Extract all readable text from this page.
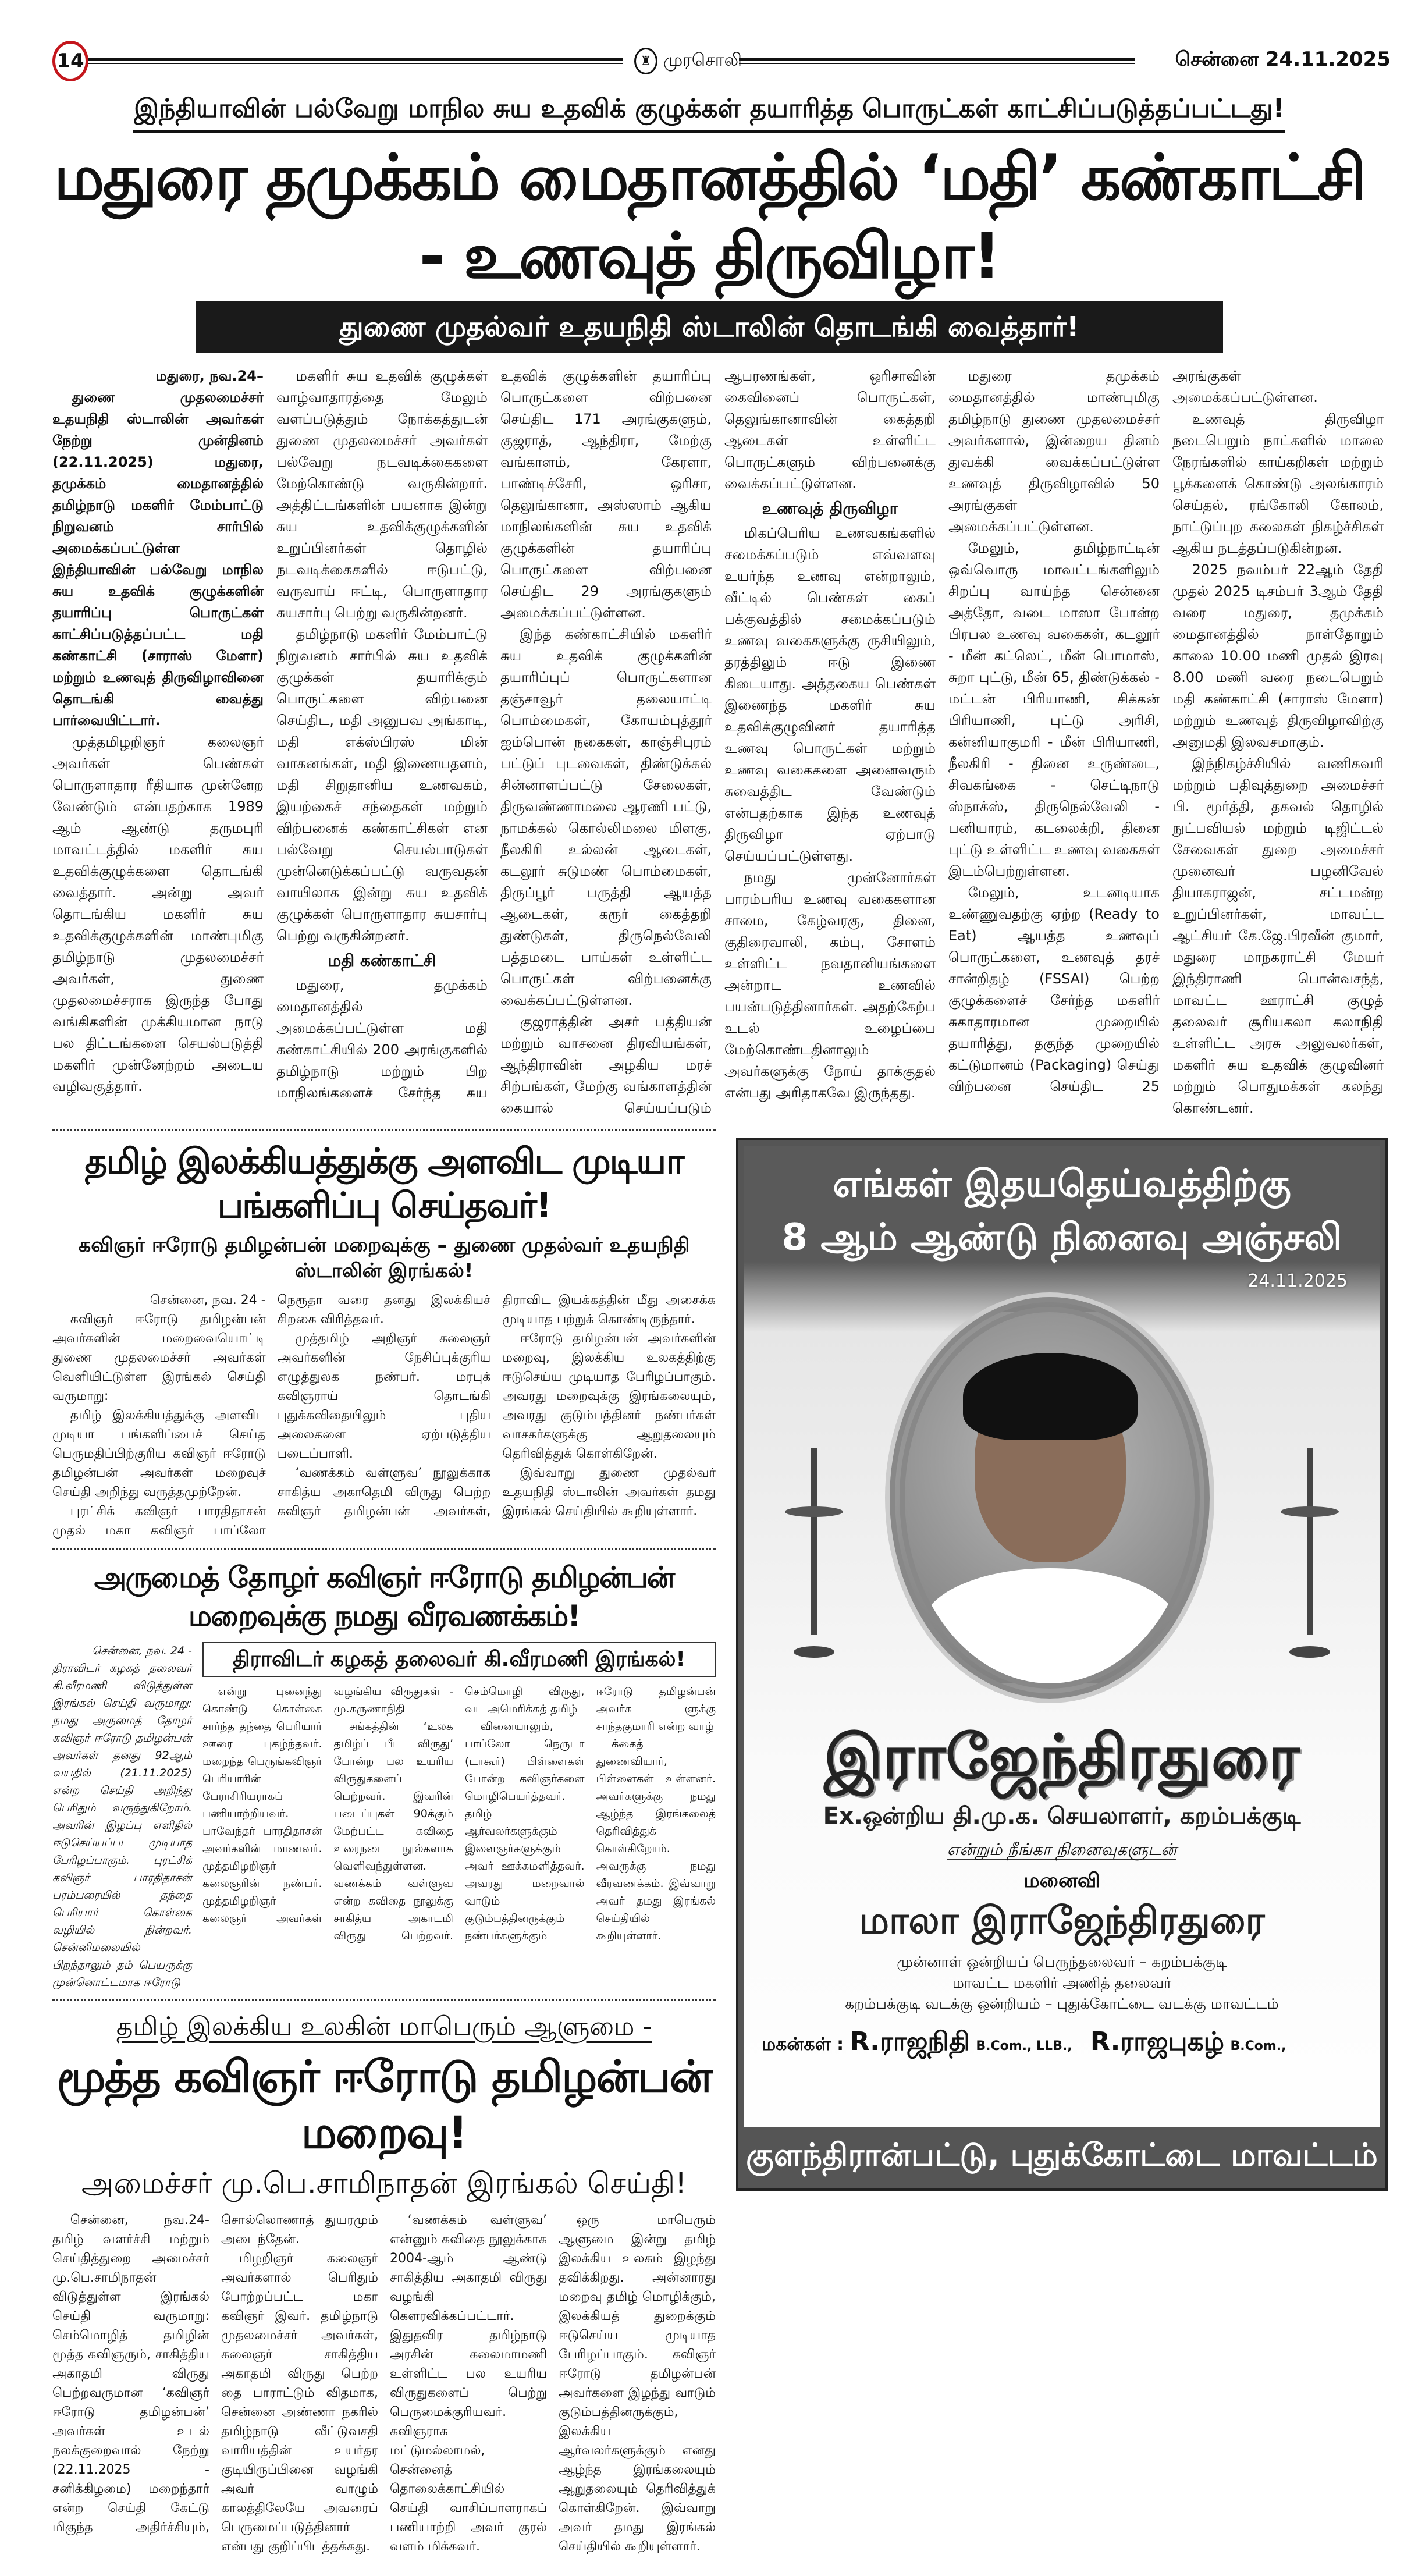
14	♜ முரசொலி	சென்னை 24.11.2025
இந்தியாவின் பல்வேறு மாநில சுய உதவிக் குழுக்கள் தயாரித்த பொருட்கள் காட்சிப்படுத்தப்பட்டது!
மதுரை தமுக்கம் மைதானத்தில் ‘மதி’ கண்காட்சி - உணவுத் திருவிழா!
துணை முதல்வர் உதயநிதி ஸ்டாலின் தொடங்கி வைத்தார்!

மதுரை, நவ.24–

துணை முதலமைச்சர் உதயநிதி ஸ்டாலின் அவர்கள் நேற்று முன்தினம் (22.11.2025) மதுரை, தமுக்கம் மைதானத்தில் தமிழ்நாடு மகளிர் மேம்பாட்டு நிறுவனம் சார்பில் அமைக்கப்பட்டுள்ள இந்தியாவின் பல்வேறு மாநில சுய உதவிக் குழுக்களின் தயாரிப்பு பொருட்கள் காட்சிப்படுத்தப்பட்ட மதி கண்காட்சி (சாராஸ் மேளா) மற்றும் உணவுத் திருவிழாவினை தொடங்கி வைத்து பார்வையிட்டார்.

முத்தமிழறிஞர் கலைஞர் அவர்கள் பெண்கள் பொருளாதார ரீதியாக முன்னேற வேண்டும் என்பதற்காக 1989 ஆம் ஆண்டு தருமபுரி மாவட்டத்தில் மகளிர் சுய உதவிக்குழுக்களை தொடங்கி வைத்தார். அன்று அவர் தொடங்கிய மகளிர் சுய உதவிக்குழுக்களின் மாண்புமிகு தமிழ்நாடு முதலமைச்சர் அவர்கள், துணை முதலமைச்சராக இருந்த போது வங்கிகளின் முக்கியமான நாடு பல திட்டங்களை செயல்படுத்தி மகளிர் முன்னேற்றம் அடைய வழிவகுத்தார்.

மகளிர் சுய உதவிக் குழுக்கள் வாழ்வாதாரத்தை மேலும் வளப்படுத்தும் நோக்கத்துடன் துணை முதலமைச்சர் அவர்கள் பல்வேறு நடவடிக்கைகளை மேற்கொண்டு வருகின்றார். அத்திட்டங்களின் பயனாக இன்று சுய உதவிக்குழுக்களின் உறுப்பினர்கள் தொழில் நடவடிக்கைகளில் ஈடுபட்டு, வருவாய் ஈட்டி, பொருளாதார சுயசார்பு பெற்று வருகின்றனர்.

தமிழ்நாடு மகளிர் மேம்பாட்டு நிறுவனம் சார்பில் சுய உதவிக் குழுக்கள் தயாரிக்கும் பொருட்களை விற்பனை செய்திட, மதி அனுபவ அங்காடி, மதி எக்ஸ்பிரஸ் மின் வாகனங்கள், மதி இணையதளம், மதி சிறுதானிய உணவகம், இயற்கைச் சந்தைகள் மற்றும் விற்பனைக் கண்காட்சிகள் என பல்வேறு செயல்பாடுகள் முன்னெடுக்கப்பட்டு வருவதன் வாயிலாக இன்று சுய உதவிக் குழுக்கள் பொருளாதார சுயசார்பு பெற்று வருகின்றனர்.

மதி கண்காட்சி

மதுரை, தமுக்கம் மைதானத்தில் அமைக்கப்பட்டுள்ள மதி கண்காட்சியில் 200 அரங்குகளில் தமிழ்நாடு மற்றும் பிற மாநிலங்களைச் சேர்ந்த சுய உதவிக் குழுக்களின் தயாரிப்பு பொருட்களை விற்பனை செய்திட 171 அரங்குகளும், குஜராத், ஆந்திரா, மேற்கு வங்காளம், கேரளா, பாண்டிச்சேரி, ஒரிசா, தெலுங்கானா, அஸ்ஸாம் ஆகிய மாநிலங்களின் சுய உதவிக் குழுக்களின் தயாரிப்பு பொருட்களை விற்பனை செய்திட 29 அரங்குகளும் அமைக்கப்பட்டுள்ளன.

இந்த கண்காட்சியில் மகளிர் சுய உதவிக் குழுக்களின் தயாரிப்புப் பொருட்களான தஞ்சாவூர் தலையாட்டி பொம்மைகள், கோயம்புத்தூர் ஐம்பொன் நகைகள், காஞ்சிபுரம் பட்டுப் புடவைகள், திண்டுக்கல் சின்னாளப்பட்டு சேலைகள், திருவண்ணாமலை ஆரணி பட்டு, நாமக்கல் கொல்லிமலை மிளகு, நீலகிரி உல்லன் ஆடைகள், கடலூர் சுடுமண் பொம்மைகள், திருப்பூர் பருத்தி ஆயத்த ஆடைகள், கரூர் கைத்தறி துண்டுகள், திருநெல்வேலி பத்தமடை பாய்கள் உள்ளிட்ட பொருட்கள் விற்பனைக்கு வைக்கப்பட்டுள்ளன.

குஜராத்தின் அசர் பத்தியன் மற்றும் வாசனை திரவியங்கள், ஆந்திராவின் அழகிய மரச் சிற்பங்கள், மேற்கு வங்காளத்தின் கையால் செய்யப்படும் ஆபரணங்கள், ஒரிசாவின் கைவினைப் பொருட்கள், தெலுங்கானாவின் கைத்தறி ஆடைகள் உள்ளிட்ட பொருட்களும் விற்பனைக்கு வைக்கப்பட்டுள்ளன.

உணவுத் திருவிழா

மிகப்பெரிய உணவகங்களில் சமைக்கப்படும் எவ்வளவு உயர்ந்த உணவு என்றாலும், வீட்டில் பெண்கள் கைப் பக்குவத்தில் சமைக்கப்படும் உணவு வகைகளுக்கு ருசியிலும், தரத்திலும் ஈடு இணை கிடையாது. அத்தகைய பெண்கள் இணைந்த மகளிர் சுய உதவிக்குழுவினர் தயாரித்த உணவு பொருட்கள் மற்றும் உணவு வகைகளை அனைவரும் சுவைத்திட வேண்டும் என்பதற்காக இந்த உணவுத் திருவிழா ஏற்பாடு செய்யப்பட்டுள்ளது.

நமது முன்னோர்கள் பாரம்பரிய உணவு வகைகளான சாமை, கேழ்வரகு, தினை, குதிரைவாலி, கம்பு, சோளம் உள்ளிட்ட நவதானியங்களை அன்றாட உணவில் பயன்படுத்தினார்கள். அதற்கேற்ப உடல் உழைப்பை மேற்கொண்டதினாலும் அவர்களுக்கு நோய் தாக்குதல் என்பது அரிதாகவே இருந்தது.

மதுரை தமுக்கம் மைதானத்தில் மாண்புமிகு தமிழ்நாடு துணை முதலமைச்சர் அவர்களால், இன்றைய தினம் துவக்கி வைக்கப்பட்டுள்ள உணவுத் திருவிழாவில் 50 அரங்குகள் அமைக்கப்பட்டுள்ளன.

மேலும், தமிழ்நாட்டின் ஒவ்வொரு மாவட்டங்களிலும் சிறப்பு வாய்ந்த சென்னை அத்தோ, வடை மாஸா போன்ற பிரபல உணவு வகைகள், கடலூர் - மீன் கட்லெட், மீன் பொமாஸ், சுறா புட்டு, மீன் 65, திண்டுக்கல் - மட்டன் பிரியாணி, சிக்கன் பிரியாணி, புட்டு அரிசி, கன்னியாகுமரி - மீன் பிரியாணி, நீலகிரி - தினை உருண்டை, சிவகங்கை - செட்டிநாடு ஸ்நாக்ஸ், திருநெல்வேலி - பனியாரம், கடலைக்றி, தினை புட்டு உள்ளிட்ட உணவு வகைகள் இடம்பெற்றுள்ளன.

மேலும், உடனடியாக உண்ணுவதற்கு ஏற்ற (Ready to Eat) ஆயத்த உணவுப் பொருட்களை, உணவுத் தரச் சான்றிதழ் (FSSAI) பெற்ற குழுக்களைச் சேர்ந்த மகளிர் சுகாதாரமான முறையில் தயாரித்து, தகுந்த முறையில் கட்டுமானம் (Packaging) செய்து விற்பனை செய்திட 25 அரங்குகள் அமைக்கப்பட்டுள்ளன.

உணவுத் திருவிழா நடைபெறும் நாட்களில் மாலை நேரங்களில் காய்கறிகள் மற்றும் பூக்களைக் கொண்டு அலங்காரம் செய்தல், ரங்கோலி கோலம், நாட்டுப்புற கலைகள் நிகழ்ச்சிகள் ஆகிய நடத்தப்படுகின்றன.

2025 நவம்பர் 22ஆம் தேதி முதல் 2025 டிசம்பர் 3ஆம் தேதி வரை மதுரை, தமுக்கம் மைதானத்தில் நாள்தோறும் காலை 10.00 மணி முதல் இரவு 8.00 மணி வரை நடைபெறும் மதி கண்காட்சி (சாராஸ் மேளா) மற்றும் உணவுத் திருவிழாவிற்கு அனுமதி இலவசமாகும்.

இந்நிகழ்ச்சியில் வணிகவரி மற்றும் பதிவுத்துறை அமைச்சர் பி. மூர்த்தி, தகவல் தொழில் நுட்பவியல் மற்றும் டிஜிட்டல் சேவைகள் துறை அமைச்சர் முனைவர் பழனிவேல் தியாகராஜன், சட்டமன்ற உறுப்பினர்கள், மாவட்ட ஆட்சியர் கே.ஜே.பிரவீன் குமார், மதுரை மாநகராட்சி மேயர் இந்திராணி பொன்வசந்த், மாவட்ட ஊராட்சி குழுத் தலைவர் சூரியகலா கலாநிதி உள்ளிட்ட அரசு அலுவலர்கள், மகளிர் சுய உதவிக் குழுவினர் மற்றும் பொதுமக்கள் கலந்து கொண்டனர்.

தமிழ் இலக்கியத்துக்கு அளவிட முடியா பங்களிப்பு செய்தவர்!
கவிஞர் ஈரோடு தமிழன்பன் மறைவுக்கு – துணை முதல்வர் உதயநிதி ஸ்டாலின் இரங்கல்!

சென்னை, நவ. 24 -

கவிஞர் ஈரோடு தமிழன்பன் அவர்களின் மறைவையொட்டி துணை முதலமைச்சர் அவர்கள் வெளியிட்டுள்ள இரங்கல் செய்தி வருமாறு:

தமிழ் இலக்கியத்துக்கு அளவிட முடியா பங்களிப்பைச் செய்த பெருமதிப்பிற்குரிய கவிஞர் ஈரோடு தமிழன்பன் அவர்கள் மறைவுச் செய்தி அறிந்து வருத்தமுற்றேன்.

புரட்சிக் கவிஞர் பாரதிதாசன் முதல் மகா கவிஞர் பாப்லோ நெரூதா வரை தனது இலக்கியச் சிறகை விரித்தவர்.

முத்தமிழ் அறிஞர் கலைஞர் அவர்களின் நேசிப்புக்குரிய எழுத்துலக நண்பர். மரபுக் கவிஞராய் தொடங்கி புதுக்கவிதையிலும் புதிய அலைகளை ஏற்படுத்திய படைப்பாளி.

‘வணக்கம் வள்ளுவ’ நூலுக்காக சாகித்ய அகாதெமி விருது பெற்ற கவிஞர் தமிழன்பன் அவர்கள், திராவிட இயக்கத்தின் மீது அசைக்க முடியாத பற்றுக் கொண்டிருந்தார்.

ஈரோடு தமிழன்பன் அவர்களின் மறைவு, இலக்கிய உலகத்திற்கு ஈடுசெய்ய முடியாத பேரிழப்பாகும். அவரது மறைவுக்கு இரங்கலையும், அவரது குடும்பத்தினர் நண்பர்கள் வாசகர்களுக்கு ஆறுதலையும் தெரிவித்துக் கொள்கிறேன்.

இவ்வாறு துணை முதல்வர் உதயநிதி ஸ்டாலின் அவர்கள் தமது இரங்கல் செய்தியில் கூறியுள்ளார்.

அருமைத் தோழர் கவிஞர் ஈரோடு தமிழன்பன் மறைவுக்கு நமது வீரவணக்கம்!

சென்னை, நவ. 24 -

திராவிடர் கழகத் தலைவர் கி.வீரமணி விடுத்துள்ள இரங்கல் செய்தி வருமாறு: நமது அருமைத் தோழர் கவிஞர் ஈரோடு தமிழன்பன் அவர்கள் தனது 92ஆம் வயதில் (21.11.2025) என்ற செய்தி அறிந்து பெரிதும் வருந்துகிறோம். அவரின் இழப்பு எளிதில் ஈடுசெய்யப்பட முடியாத பேரிழப்பாகும். புரட்சிக் கவிஞர் பாரதிதாசன் பரம்பரையில் தந்தை பெரியார் கொள்கை வழியில் நின்றவர். சென்னிமலையில் பிறந்தாலும் தம் பெயருக்கு முன்னொட்டமாக ஈரோடு

திராவிடர் கழகத் தலைவர் கி.வீரமணி இரங்கல்!

என்று புனைந்து கொண்டு கொள்கை சார்ந்த தந்தை பெரியார் ஊரை புகழ்ந்தவர். மறைந்த பெருங்கவிஞர் பெரியாரின் பேராசிரியராகப் பணியாற்றியவர். பாவேந்தர் பாரதிதாசன் அவர்களின் மாணவர். முத்தமிழறிஞர் கலைஞரின் நண்பர். முத்தமிழறிஞர் கலைஞர் அவர்கள் வழங்கிய விருதுகள் - மு.கருணாநிதி

சங்கத்தின் ‘உலக தமிழ்ப் பீட விருது’ போன்ற பல உயரிய விருதுகளைப் பெற்றவர். இவரின் படைப்புகள் 90க்கும் மேற்பட்ட கவிதை உரைநடை நூல்களாக வெளிவந்துள்ளன. வணக்கம் வள்ளுவ என்ற கவிதை நூலுக்கு சாகித்ய அகாடமி விருது பெற்றவர். செம்மொழி விருது, வட அமெரிக்கத் தமிழ்

வினையாலும், பாப்லோ நெருடா (டாகூர்) பிள்ளைகள் போன்ற கவிஞர்களை மொழிபெயர்த்தவர். தமிழ் ஆர்வலர்களுக்கும் இளைஞர்களுக்கும் அவர் ஊக்கமளித்தவர். அவரது மறைவால் வாடும் குடும்பத்தினருக்கும் நண்பர்களுக்கும் ஈரோடு தமிழன்பன் அவர்க ளுக்கு சாந்தகுமாரி என்ற வாழ்

க்கைத் துணைவியார், பிள்ளைகள் உள்ளனர். அவர்களுக்கு நமது ஆழ்ந்த இரங்கலைத் தெரிவித்துக் கொள்கிறோம். அவருக்கு நமது வீரவணக்கம். இவ்வாறு அவர் தமது இரங்கல் செய்தியில் கூறியுள்ளார்.

தமிழ் இலக்கிய உலகின் மாபெரும் ஆளுமை -
மூத்த கவிஞர் ஈரோடு தமிழன்பன் மறைவு!
அமைச்சர் மு.பெ.சாமிநாதன் இரங்கல் செய்தி!

சென்னை, நவ.24- தமிழ் வளர்ச்சி மற்றும் செய்தித்துறை அமைச்சர் மு.பெ.சாமிநாதன் விடுத்துள்ள இரங்கல் செய்தி வருமாறு: செம்மொழித் தமிழின் மூத்த கவிஞரும், சாகித்திய அகாதமி விருது பெற்றவருமான ‘கவிஞர் ஈரோடு தமிழன்பன்’ அவர்கள் உடல் நலக்குறைவால் நேற்று (22.11.2025 - சனிக்கிழமை) மறைந்தார் என்ற செய்தி கேட்டு மிகுந்த அதிர்ச்சியும், சொல்லொணாத் துயரமும் அடைந்தேன்.

மிழறிஞர் கலைஞர் அவர்களால் பெரிதும் போற்றப்பட்ட மகா கவிஞர் இவர். தமிழ்நாடு முதலமைச்சர் அவர்கள், கலைஞர் சாகித்திய அகாதமி விருது பெற்ற தை பாராட்டும் விதமாக, சென்னை அண்ணா நகரில் தமிழ்நாடு வீட்டுவசதி வாரியத்தின் உயர்தர குடியிருப்பினை வழங்கி அவர் வாழும் காலத்திலேயே அவரைப் பெருமைப்படுத்தினார் என்பது குறிப்பிடத்தக்கது.

‘வணக்கம் வள்ளுவ’ என்னும் கவிதை நூலுக்காக 2004-ஆம் ஆண்டு சாகித்திய அகாதமி விருது வழங்கி கௌரவிக்கப்பட்டார். இதுதவிர தமிழ்நாடு அரசின் கலைமாமணி உள்ளிட்ட பல உயரிய விருதுகளைப் பெற்று பெருமைக்குரியவர். கவிஞராக மட்டுமல்லாமல், சென்னைத் தொலைக்காட்சியில் செய்தி வாசிப்பாளராகப் பணியாற்றி அவர் குரல் வளம் மிக்கவர்.

ஒரு மாபெரும் ஆளுமை இன்று தமிழ் இலக்கிய உலகம் இழந்து தவிக்கிறது. அன்னாரது மறைவு தமிழ் மொழிக்கும், இலக்கியத் துறைக்கும் ஈடுசெய்ய முடியாத பேரிழப்பாகும். கவிஞர் ஈரோடு தமிழன்பன் அவர்களை இழந்து வாடும் குடும்பத்தினருக்கும், இலக்கிய ஆர்வலர்களுக்கும் எனது ஆழ்ந்த இரங்கலையும் ஆறுதலையும் தெரிவித்துக் கொள்கிறேன். இவ்வாறு அவர் தமது இரங்கல் செய்தியில் கூறியுள்ளார்.

எங்கள் இதயதெய்வத்திற்கு
8 ஆம் ஆண்டு நினைவு அஞ்சலி
24.11.2025
இராஜேந்திரதுரை
Ex.ஒன்றிய தி.மு.க. செயலாளர், கறம்பக்குடி
என்றும் நீங்கா நினைவுகளுடன்
மனைவி
மாலா இராஜேந்திரதுரை
முன்னாள் ஒன்றியப் பெருந்தலைவர் – கறம்பக்குடி
மாவட்ட மகளிர் அணித் தலைவர்
கறம்பக்குடி வடக்கு ஒன்றியம் – புதுக்கோட்டை வடக்கு மாவட்டம்
மகன்கள் : R.ராஜநிதி B.Com., LLB., R.ராஜபுகழ் B.Com.,
குளந்திரான்பட்டு, புதுக்கோட்டை மாவட்டம்
